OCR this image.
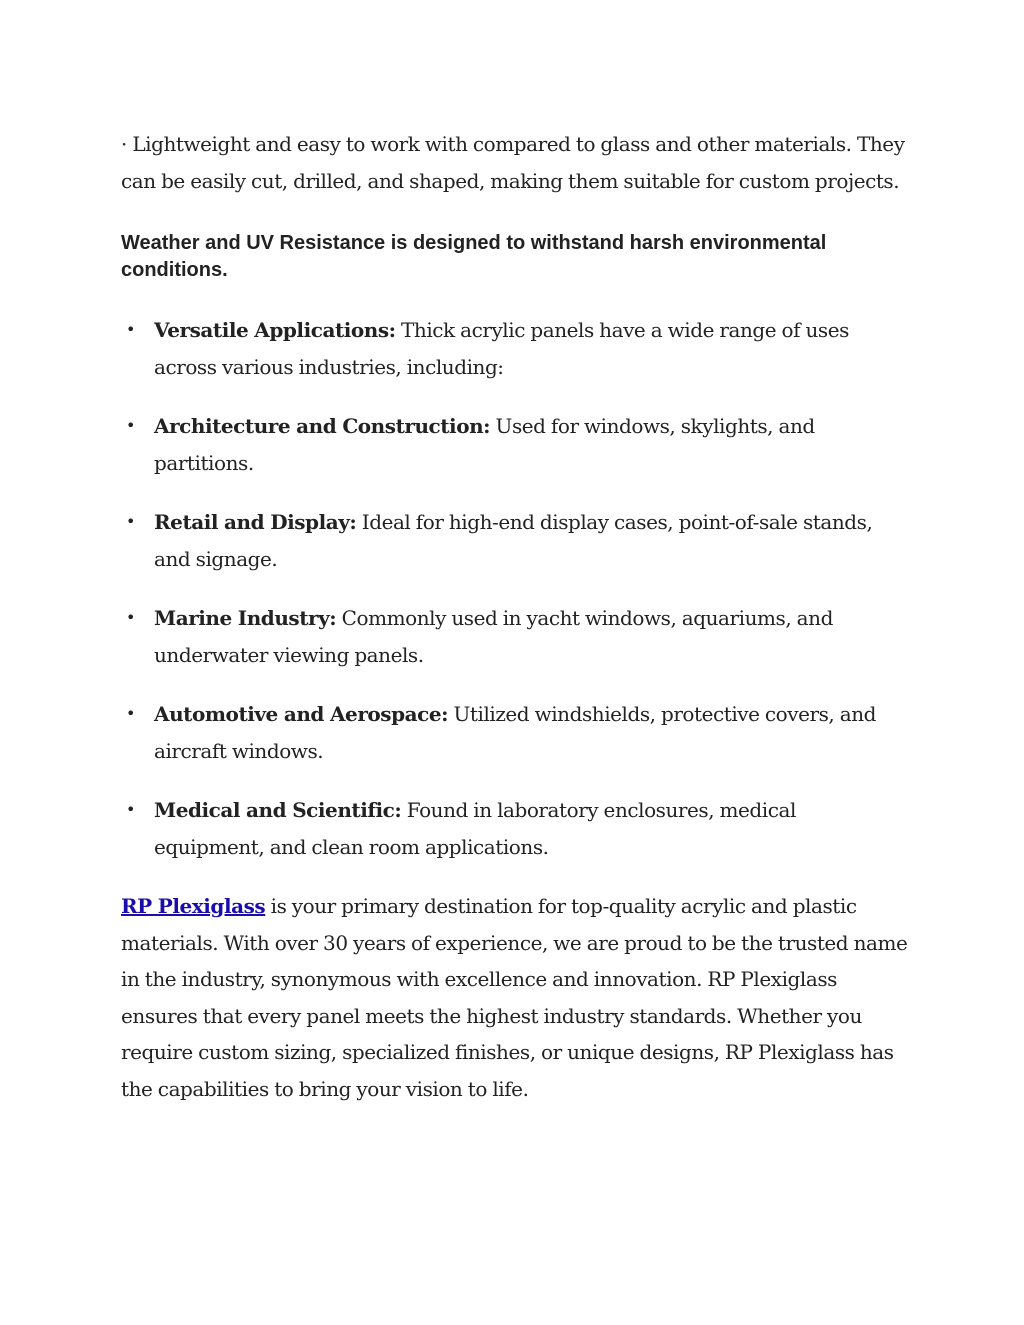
· Lightweight and easy to work with compared to glass and other materials. They can be easily cut, drilled, and shaped, making them suitable for custom projects.

Weather and UV Resistance is designed to withstand harsh environmental conditions.
• Versatile Applications: Thick acrylic panels have a wide range of uses across various industries, including:
• Architecture and Construction: Used for windows, skylights, and partitions.
• Retail and Display: Ideal for high-end display cases, point-of-sale stands, and signage.
• Marine Industry: Commonly used in yacht windows, aquariums, and underwater viewing panels.
• Automotive and Aerospace: Utilized windshields, protective covers, and aircraft windows.
• Medical and Scientific: Found in laboratory enclosures, medical equipment, and clean room applications.

RP Plexiglass is your primary destination for top-quality acrylic and plastic materials. With over 30 years of experience, we are proud to be the trusted name in the industry, synonymous with excellence and innovation. RP Plexiglass ensures that every panel meets the highest industry standards. Whether you require custom sizing, specialized finishes, or unique designs, RP Plexiglass has the capabilities to bring your vision to life.
